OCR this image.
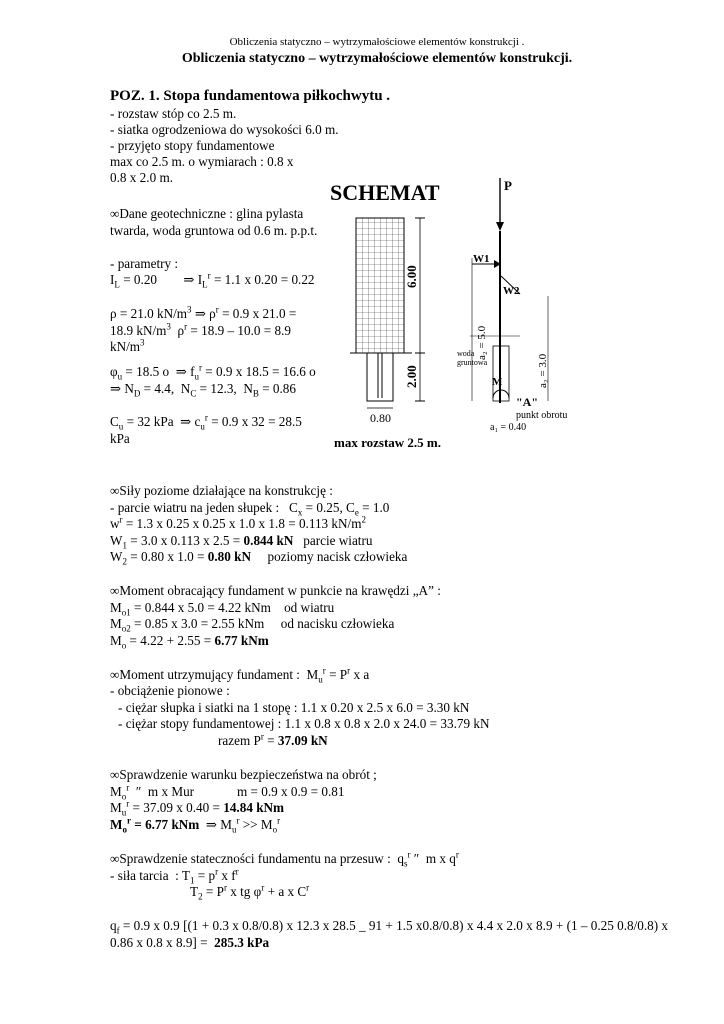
Obliczenia statyczno – wytrzymałościowe elementów konstrukcji .
Obliczenia statyczno – wytrzymałościowe elementów konstrukcji.
POZ. 1. Stopa fundamentowa piłkochwytu .
- rozstaw stóp co 2.5 m.
- siatka ogrodzeniowa do wysokości 6.0 m.
- przyjęto stopy fundamentowe
max co 2.5 m. o wymiarach : 0.8 x
0.8 x 2.0 m.
∞Dane geotechniczne : glina pylasta twarda, woda gruntowa od 0.6 m. p.p.t.
- parametry :
$I_L = 0.20$        ⇒ $I_L^r = 1.1$ x 0.20 = 0.22
ρ = 21.0 $kN/m^3$ ⇒ $\rho^r = 0.9$ x 21.0 = 18.9 $kN/m^3$  $\rho^r = 18.9 - 10.0 = 8.9$ $kN/m^3$
$\varphi_u = 18.5$ o  ⇒ $f_u^r = 0.9$ x 18.5 = 16.6 o ⇒ $N_D = 4.4$,  $N_C = 12.3$,  $N_B = 0.86$
$C_u = 32$ kPa  ⇒ $c_u^r = 0.9$ x 32 = 28.5 kPa
SCHEMAT
6.00
2.00
0.80
max rozstaw 2.5 m.
P
W1
W2
a₂ = 5.0
a₂ = 3.0
woda
gruntowa
M
"A"
punkt obrotu
a₁ = 0.40
∞Siły poziome działające na konstrukcję :
- parcie wiatru na jeden słupek :   $C_x = 0.25$, $C_e = 1.0$
$w^r = 1.3$ x 0.25 x 0.25 x 1.0 x 1.8 = 0.113 $kN/m^2$
$W_1 = 3.0$ x 0.113 x 2.5 = 0.844 kN   parcie wiatru
$W_2 = 0.80$ x 1.0 = 0.80 kN poziomy nacisk człowieka
∞Moment obracający fundament w punkcie na krawędzi „A” :
$M_{o1} = 0.844$ x 5.0 = 4.22 kNm    od wiatru
$M_{o2} = 0.85$ x 3.0 = 2.55 kNm     od nacisku człowieka
$M_o = 4.22 + 2.55 = 6.77$ kNm
∞Moment utrzymujący fundament :  $M_u^r = P^r$ x a
- obciążenie pionowe :
- ciężar słupka i siatki na 1 stopę : 1.1 x 0.20 x 2.5 x 6.0 = 3.30 kN
- ciężar stopy fundamentowej : 1.1 x 0.8 x 0.8 x 2.0 x 24.0 = 33.79 kN
razem $P^r = 37.09$ kN
∞Sprawdzenie warunku bezpieczeństwa na obrót ;
$M_o^r$  ″  m x Mur             m = 0.9 x 0.9 = 0.81
$M_u^r = 37.09$ x 0.40 = 14.84 kNm
$M_o^r = 6.77$ kNm  ⇒ $M_u^r >> M_o^r$
∞Sprawdzenie stateczności fundamentu na przesuw :  $q_s^r$ ″  m x $q^r$
- siła tarcia  : $T_1 = p^r$ x $f^r$
$T_2 = P^r$ x tg $\varphi^r + a$ x $C^r$
$q_f = 0.9$ x 0.9 [(1 + 0.3 x 0.8/0.8) x 12.3 x 28.5 _ 91 + 1.5 x0.8/0.8) x 4.4 x 2.0 x 8.9 + (1 – 0.25 0.8/0.8) x 0.86 x 0.8 x 8.9] =  285.3 kPa
